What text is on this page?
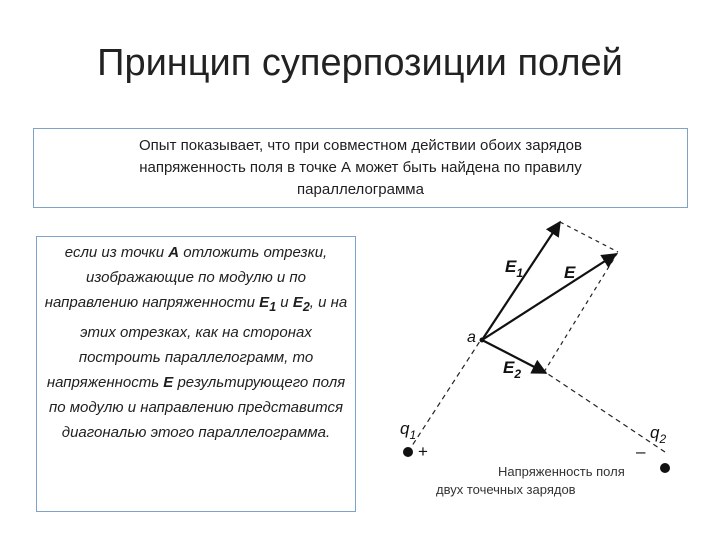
Принцип суперпозиции полей
Опыт показывает, что при совместном действии обоих зарядов
напряженность поля в точке А может быть найдена по правилу
параллелограмма
если из точки A отложить отрезки, изображающие по модулю и по направлению напряженности $E_1$ и $E_2$, и на этих отрезках, как на сторонах построить параллелограмм, то напряженность E результирующего поля по модулю и направлению представится диагональю этого параллелограмма.
$E_1$ E
$E_2$
a
$q_1$	$q_2$
+	–
Напряженность поля
двух точечных зарядов
